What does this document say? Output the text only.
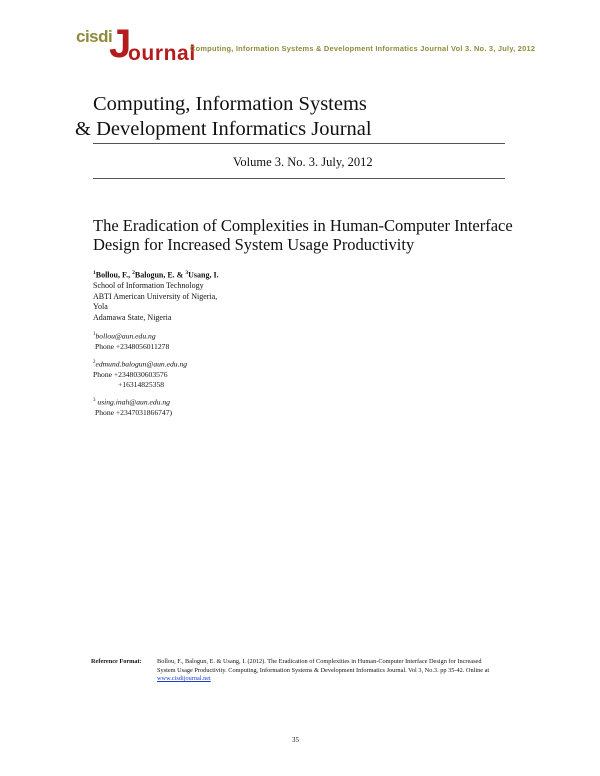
cisdi
J
ournal
Computing, Information Systems & Development Informatics Journal Vol 3. No. 3, July, 2012
Computing, Information Systems
& Development Informatics Journal
Volume 3. No. 3. July, 2012
The Eradication of Complexities in Human-Computer Interface Design for Increased System Usage Productivity
$^1$Bollou, F., $^2$Balogun, E. & $^3$Usang, I.
School of Information Technology
ABTI American University of Nigeria,
Yola
Adamawa State, Nigeria
$^1$bollou@aun.edu.ng
Phone +2348056011278
$^2$edmund.balogun@aun.edu.ng
Phone +2348030603576
+16314825358
$^3$ using.inah@aun.edu.ng
Phone +2347031866747)
Reference Format: Bollou, F., Balogun, E. & Usang, I. (2012). The Eradication of Complexities in Human-Computer Interface Design for Increased System Usage Productivity. Computing, Information Systems & Development Informatics Journal. Vol 3, No.3. pp 35-42. Online at www.cisdijournal.net
35
